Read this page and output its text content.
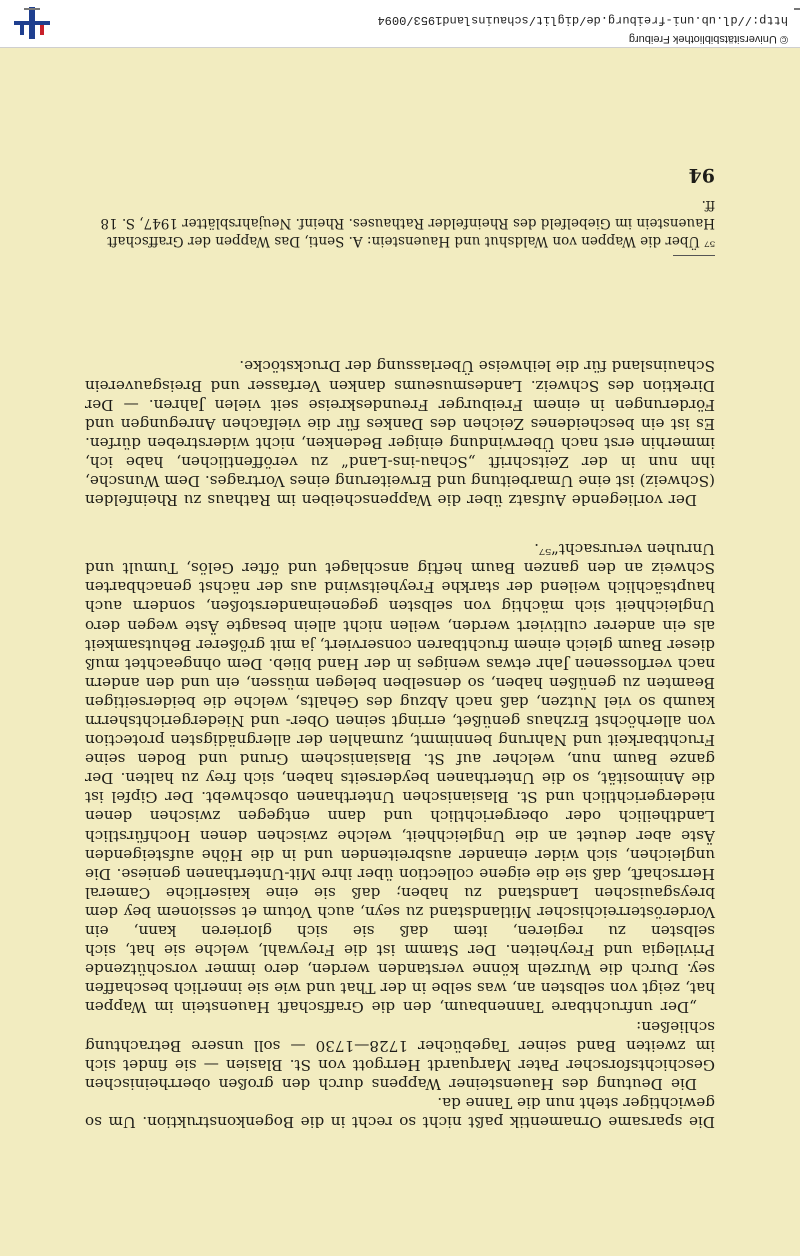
Die sparsame Ornamentik paßt nicht so recht in die Bogenkonstruktion. Um so gewichtiger steht nun die Tanne da.

Die Deutung des Hauensteiner Wappens durch den großen oberrheinischen Geschichtsforscher Pater Marquardt Herrgott von St. Blasien — sie findet sich im zweiten Band seiner Tagebücher 1728—1730 — soll unsere Betrachtung schließen:

„Der unfruchtbare Tannenbaum, den die Graffschaft Hauenstein im Wappen hat, zeigt von selbsten an, was selbe in der That und wie sie innerlich beschaffen sey. Durch die Wurzeln könne verstanden werden, dero immer vorschützende Privilegia und Freyheiten. Der Stamm ist die Freywahl, welche sie hat, sich selbsten zu regieren, item daß sie sich glorieren kann, ein Vorderösterreichischer Mitlandstand zu seyn, auch Votum et sessionem bey dem breysgauischen Landstand zu haben; daß sie eine kaiserliche Cameral Herrschaft, daß sie die eigene collection über ihre Mit-Unterthanen geniese. Die ungleichen, sich wider einander ausbreitenden und in die Höhe aufsteigenden Äste aber deutet an die Ungleichheit, welche zwischen denen Hochfürstlich Landtheilich oder obergerichtlich und dann entgegen zwischen denen niedergerichtlich und St. Blasianischen Unterthanen obschwebt. Der Gipfel ist die Animosität, so die Unterthanen beyderseits haben, sich frey zu halten. Der ganze Baum nun, welcher auf St. Blasianischem Grund und Boden seine Fruchtbarkeit und Nahrung bennimmt, zumahlen der allergnädigsten protection von allerhöchst Erzhaus genüßet, erringt seinen Ober- und Niedergerichtsherrn kaumb so viel Nutzen, daß nach Abzug des Gehalts, welche die beiderseitigen Beamten zu genüßen haben, so denselben belegen müssen, ein und den andern nach verflossenen Jahr etwas weniges in der Hand blieb. Dem ohngeachtet muß dieser Baum gleich einem fruchtbaren conserviert, ja mit größerer Behutsamkeit als ein anderer cultiviert werden, weilen nicht allein besagte Äste wegen dero Ungleichheit sich mächtig von selbsten gegeneinanderstoßen, sondern auch hauptsächlich weilend der starkhe Freyheitswind aus der nächst genachbarten Schweiz an den ganzen Baum heftig anschlaget und öfter Gelös, Tumult und Unruhen verursacht“⁵⁷.

Der vorliegende Aufsatz über die Wappenscheiben im Rathaus zu Rheinfelden (Schweiz) ist eine Umarbeitung und Erweiterung eines Vortrages. Dem Wunsche, ihn nun in der Zeitschrift „Schau-ins-Land“ zu veröffentlichen, habe ich, immerhin erst nach Überwindung einiger Bedenken, nicht widerstreben dürfen. Es ist ein bescheidenes Zeichen des Dankes für die vielfachen Anregungen und Förderungen in einem Freiburger Freundeskreise seit vielen Jahren. — Der Direktion des Schweiz. Landesmuseums danken Verfasser und Breisgauverein Schauinsland für die leihweise Überlassung der Druckstöcke.

⁵⁷ Über die Wappen von Waldshut und Hauenstein: A. Senti, Das Wappen der Graffschaft Hauenstein im Giebelfeld des Rheinfelder Rathauses. Rheinf. Neujahrsblätter 1947, S. 18 ff.
94
http://dl.ub.uni-freiburg.de/diglit/schauinsland1953/0094
© Universitätsbibliothek Freiburg
